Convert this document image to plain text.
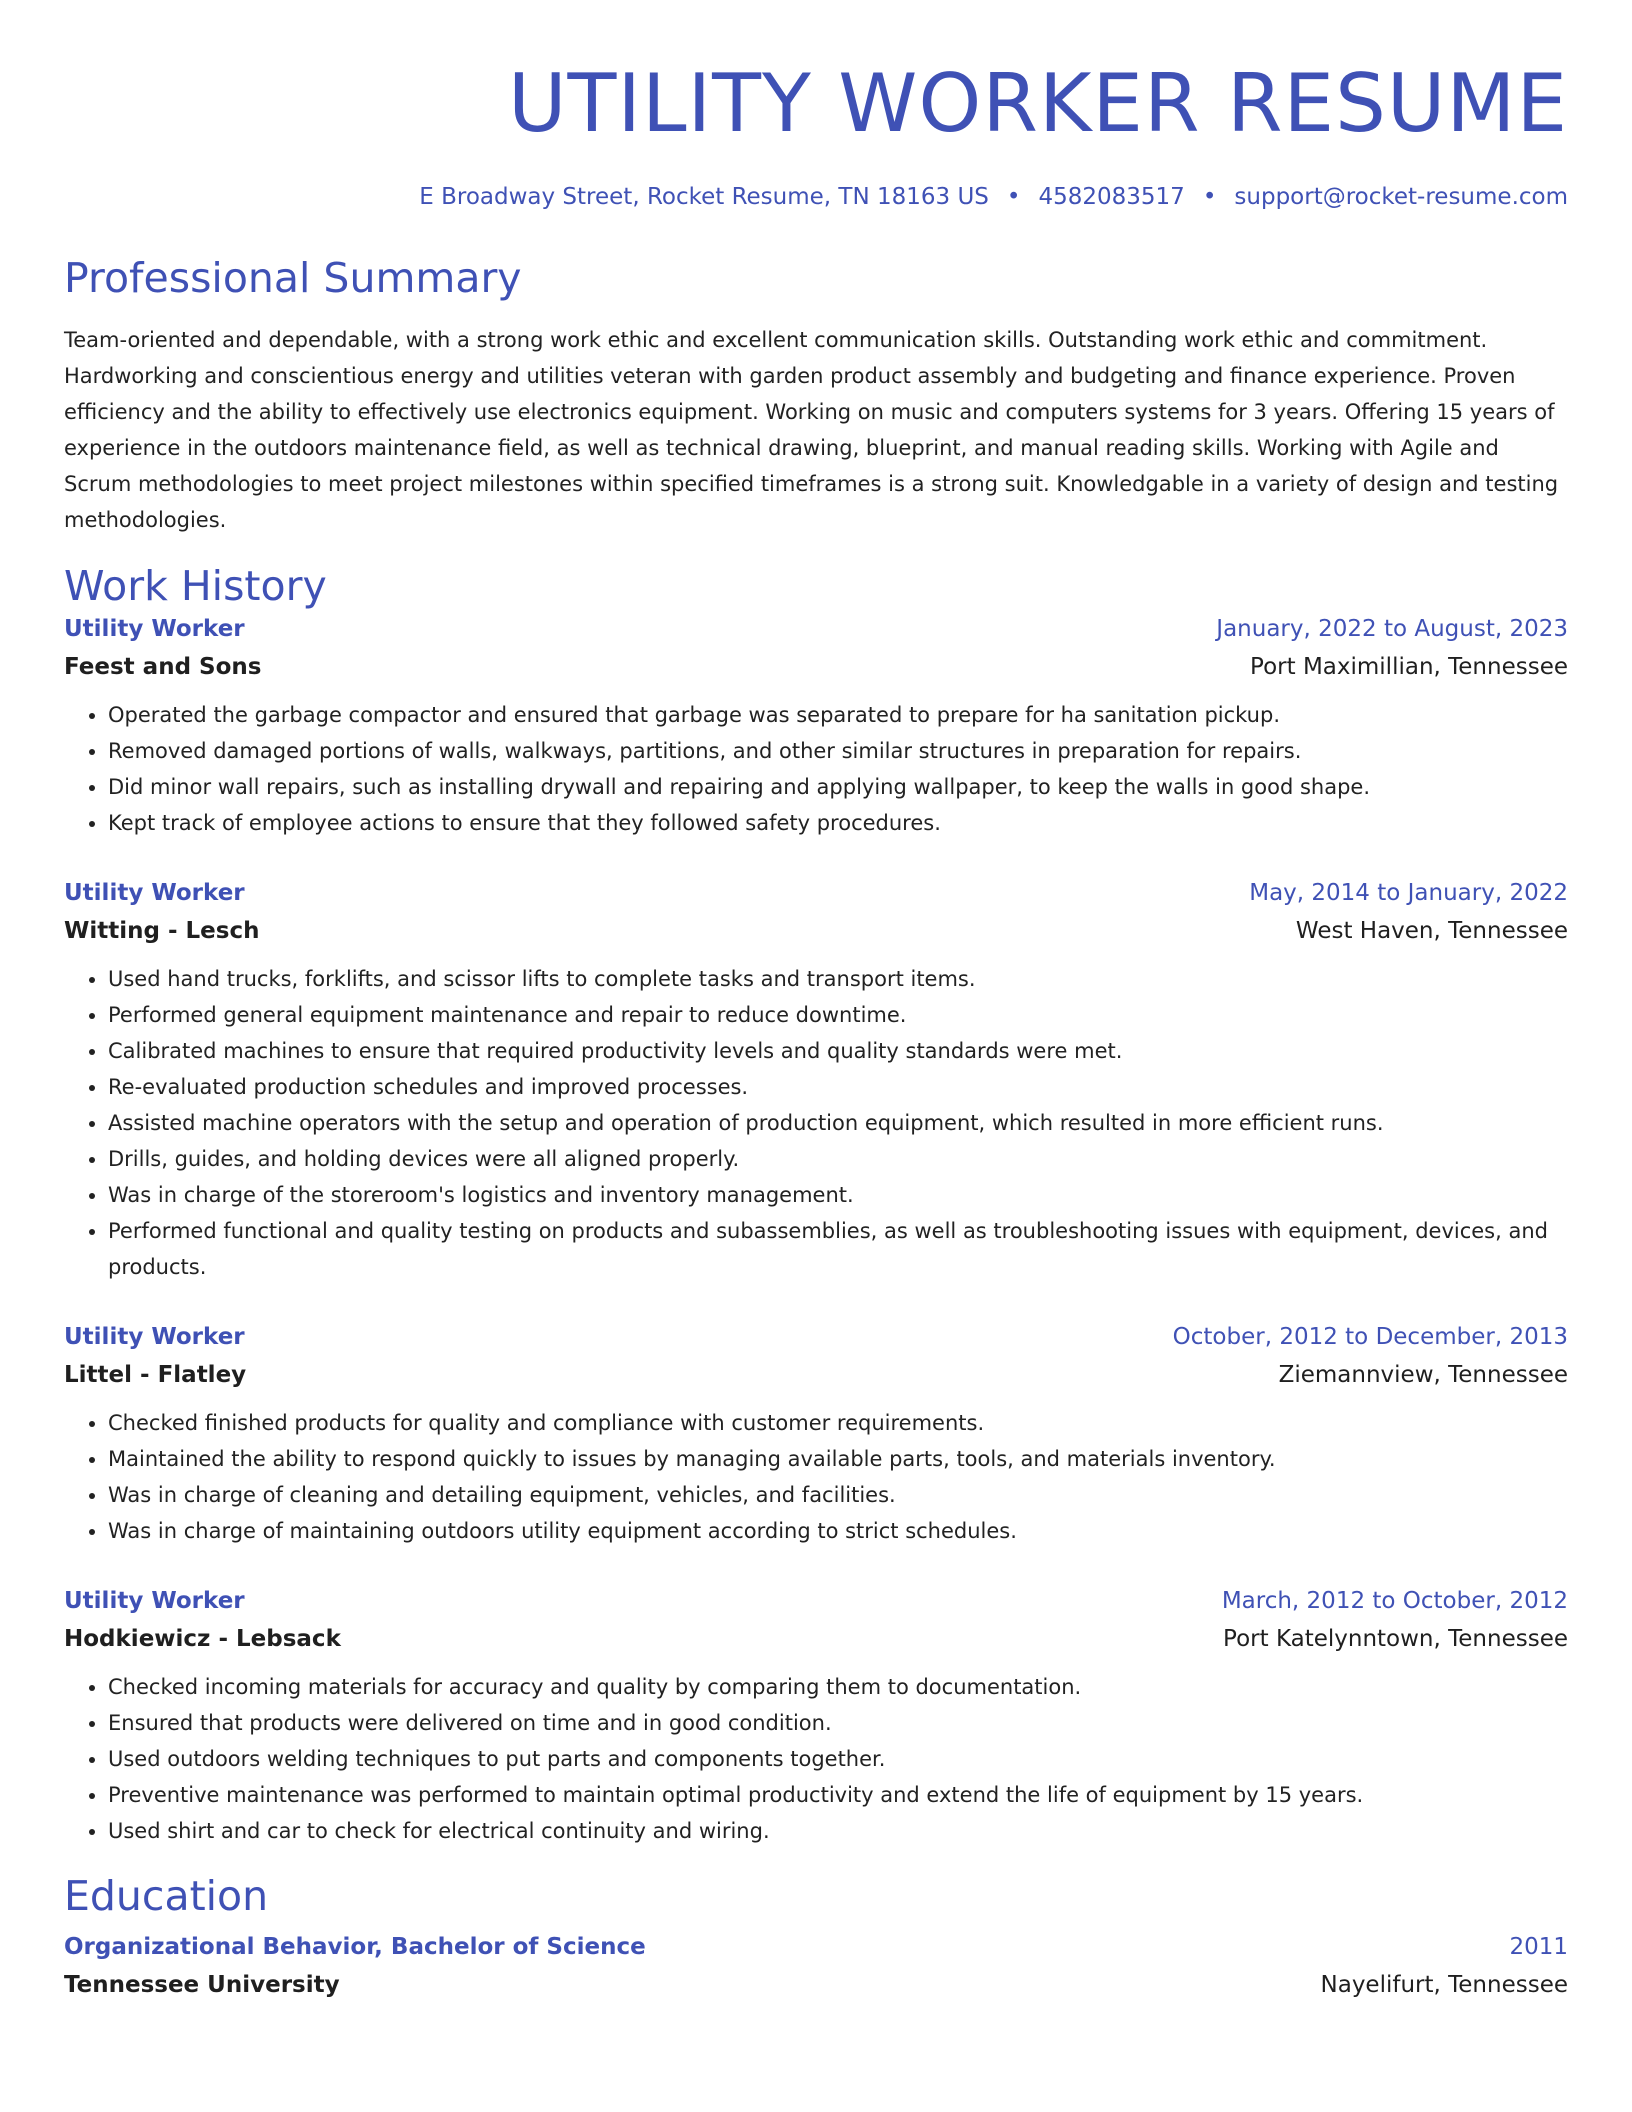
UTILITY WORKER RESUME
E Broadway Street, Rocket Resume, TN 18163 US • 4582083517 • support@rocket-resume.com
Professional Summary
Team-oriented and dependable, with a strong work ethic and excellent communication skills. Outstanding work ethic and commitment. Hardworking and conscientious energy and utilities veteran with garden product assembly and budgeting and finance experience. Proven efficiency and the ability to effectively use electronics equipment. Working on music and computers systems for 3 years. Offering 15 years of experience in the outdoors maintenance field, as well as technical drawing, blueprint, and manual reading skills. Working with Agile and Scrum methodologies to meet project milestones within specified timeframes is a strong suit. Knowledgable in a variety of design and testing methodologies.
Work History
Utility Worker	January, 2022 to August, 2023
Feest and Sons	Port Maximillian, Tennessee
• Operated the garbage compactor and ensured that garbage was separated to prepare for ha sanitation pickup.
• Removed damaged portions of walls, walkways, partitions, and other similar structures in preparation for repairs.
• Did minor wall repairs, such as installing drywall and repairing and applying wallpaper, to keep the walls in good shape.
• Kept track of employee actions to ensure that they followed safety procedures.
Utility Worker	May, 2014 to January, 2022
Witting - Lesch	West Haven, Tennessee
• Used hand trucks, forklifts, and scissor lifts to complete tasks and transport items.
• Performed general equipment maintenance and repair to reduce downtime.
• Calibrated machines to ensure that required productivity levels and quality standards were met.
• Re-evaluated production schedules and improved processes.
• Assisted machine operators with the setup and operation of production equipment, which resulted in more efficient runs.
• Drills, guides, and holding devices were all aligned properly.
• Was in charge of the storeroom's logistics and inventory management.
• Performed functional and quality testing on products and subassemblies, as well as troubleshooting issues with equipment, devices, and products.
Utility Worker	October, 2012 to December, 2013
Littel - Flatley	Ziemannview, Tennessee
• Checked finished products for quality and compliance with customer requirements.
• Maintained the ability to respond quickly to issues by managing available parts, tools, and materials inventory.
• Was in charge of cleaning and detailing equipment, vehicles, and facilities.
• Was in charge of maintaining outdoors utility equipment according to strict schedules.
Utility Worker	March, 2012 to October, 2012
Hodkiewicz - Lebsack	Port Katelynntown, Tennessee
• Checked incoming materials for accuracy and quality by comparing them to documentation.
• Ensured that products were delivered on time and in good condition.
• Used outdoors welding techniques to put parts and components together.
• Preventive maintenance was performed to maintain optimal productivity and extend the life of equipment by 15 years.
• Used shirt and car to check for electrical continuity and wiring.
Education
Organizational Behavior, Bachelor of Science	2011
Tennessee University	Nayelifurt, Tennessee
